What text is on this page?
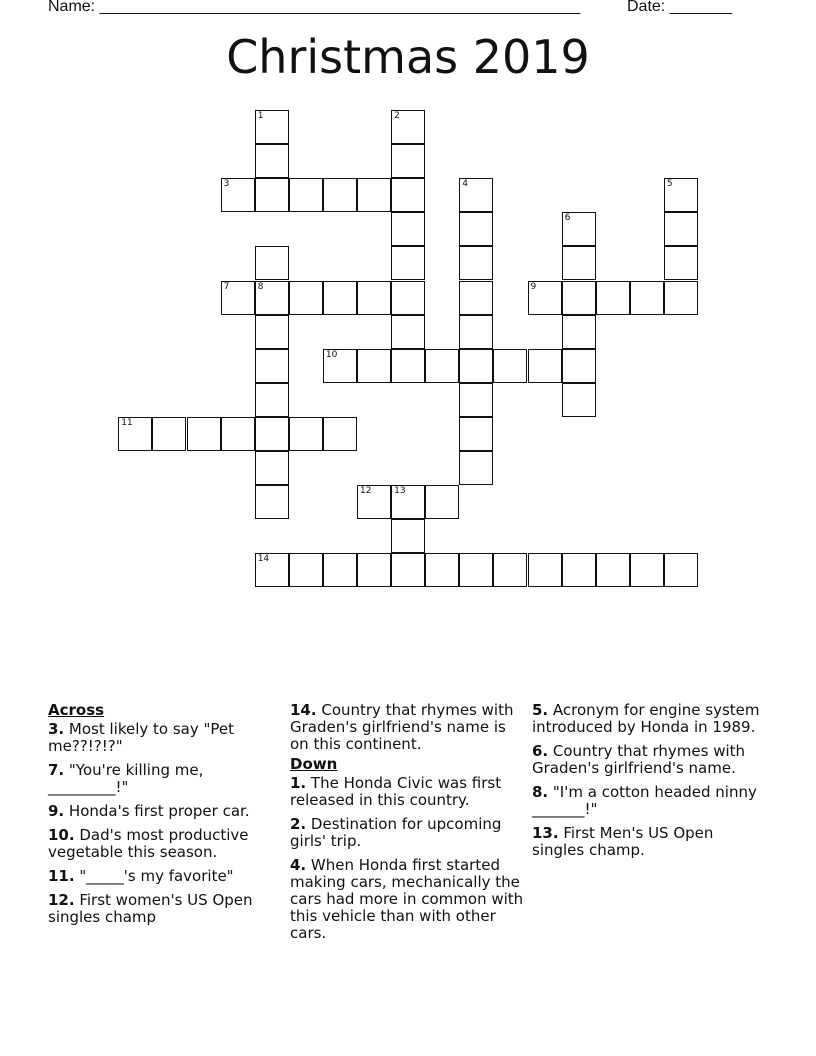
Name: ______________________________________________________	Date: _______
Christmas 2019
1	2
3	4	5
6
7	8	9
10
11
12	13
14
Across
3. Most likely to say "Pet me??!?!?"
7. "You're killing me, _________!"
9. Honda's first proper car.
10. Dad's most productive vegetable this season.
11. "_____'s my favorite"
12. First women's US Open singles champ
14. Country that rhymes with Graden's girlfriend's name is on this continent.
Down
1. The Honda Civic was first released in this country.
2. Destination for upcoming girls' trip.
4. When Honda first started making cars, mechanically the cars had more in common with this vehicle than with other cars.
5. Acronym for engine system introduced by Honda in 1989.
6. Country that rhymes with Graden's girlfriend's name.
8. "I'm a cotton headed ninny _______!"
13. First Men's US Open singles champ.
